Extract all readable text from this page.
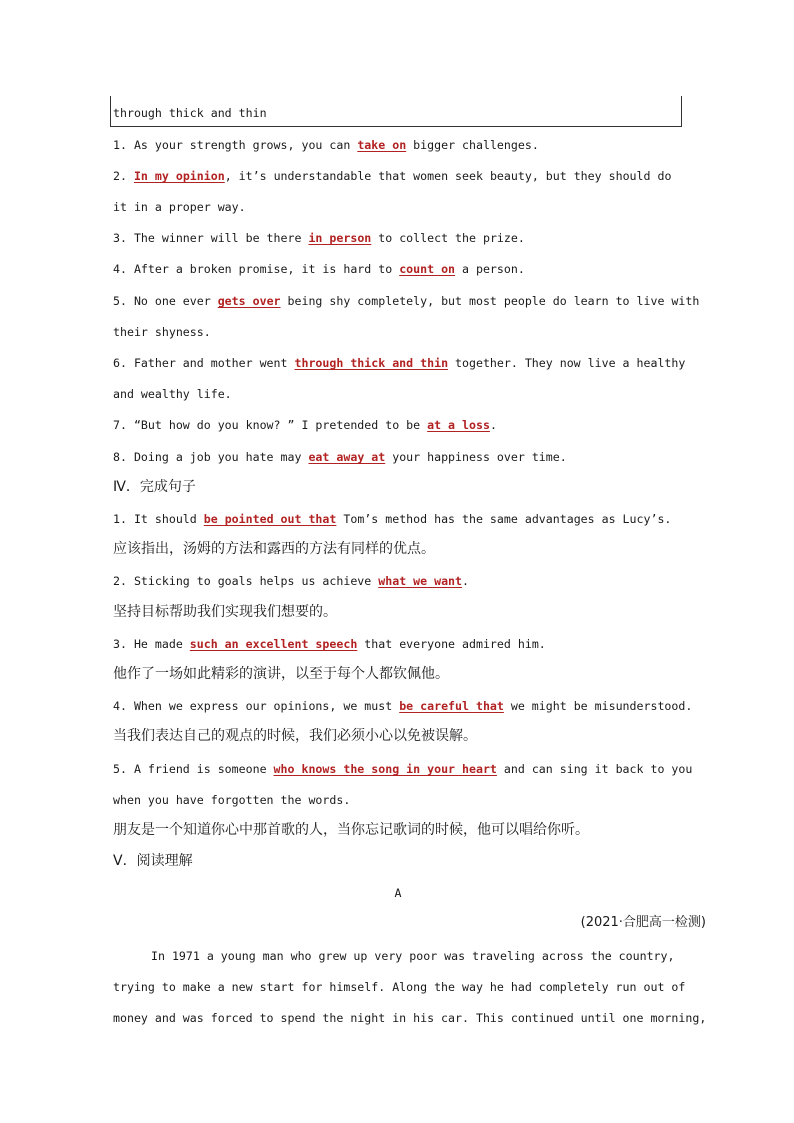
through thick and thin
1. As your strength grows, you can take on bigger challenges.
2. In my opinion, it’s understandable that women seek beauty, but they should do
it in a proper way.
3. The winner will be there in person to collect the prize.
4. After a broken promise, it is hard to count on a person.
5. No one ever gets over being shy completely, but most people do learn to live with
their shyness.
6. Father and mother went through thick and thin together. They now live a healthy
and wealthy life.
7. “But how do you know? ” I pretended to be at a loss.
8. Doing a job you hate may eat away at your happiness over time.
Ⅳ．完成句子
1. It should be pointed out that Tom’s method has the same advantages as Lucy’s.
应该指出，汤姆的方法和露西的方法有同样的优点。
2. Sticking to goals helps us achieve what we want.
坚持目标帮助我们实现我们想要的。
3. He made such an excellent speech that everyone admired him.
他作了一场如此精彩的演讲，以至于每个人都钦佩他。
4. When we express our opinions, we must be careful that we might be misunderstood.
当我们表达自己的观点的时候，我们必须小心以免被误解。
5. A friend is someone who knows the song in your heart and can sing it back to you
when you have forgotten the words.
朋友是一个知道你心中那首歌的人，当你忘记歌词的时候，他可以唱给你听。
Ⅴ．阅读理解
A
(2021·合肥高一检测)
In 1971 a young man who grew up very poor was traveling across the country,
trying to make a new start for himself. Along the way he had completely run out of
money and was forced to spend the night in his car. This continued until one morning,
